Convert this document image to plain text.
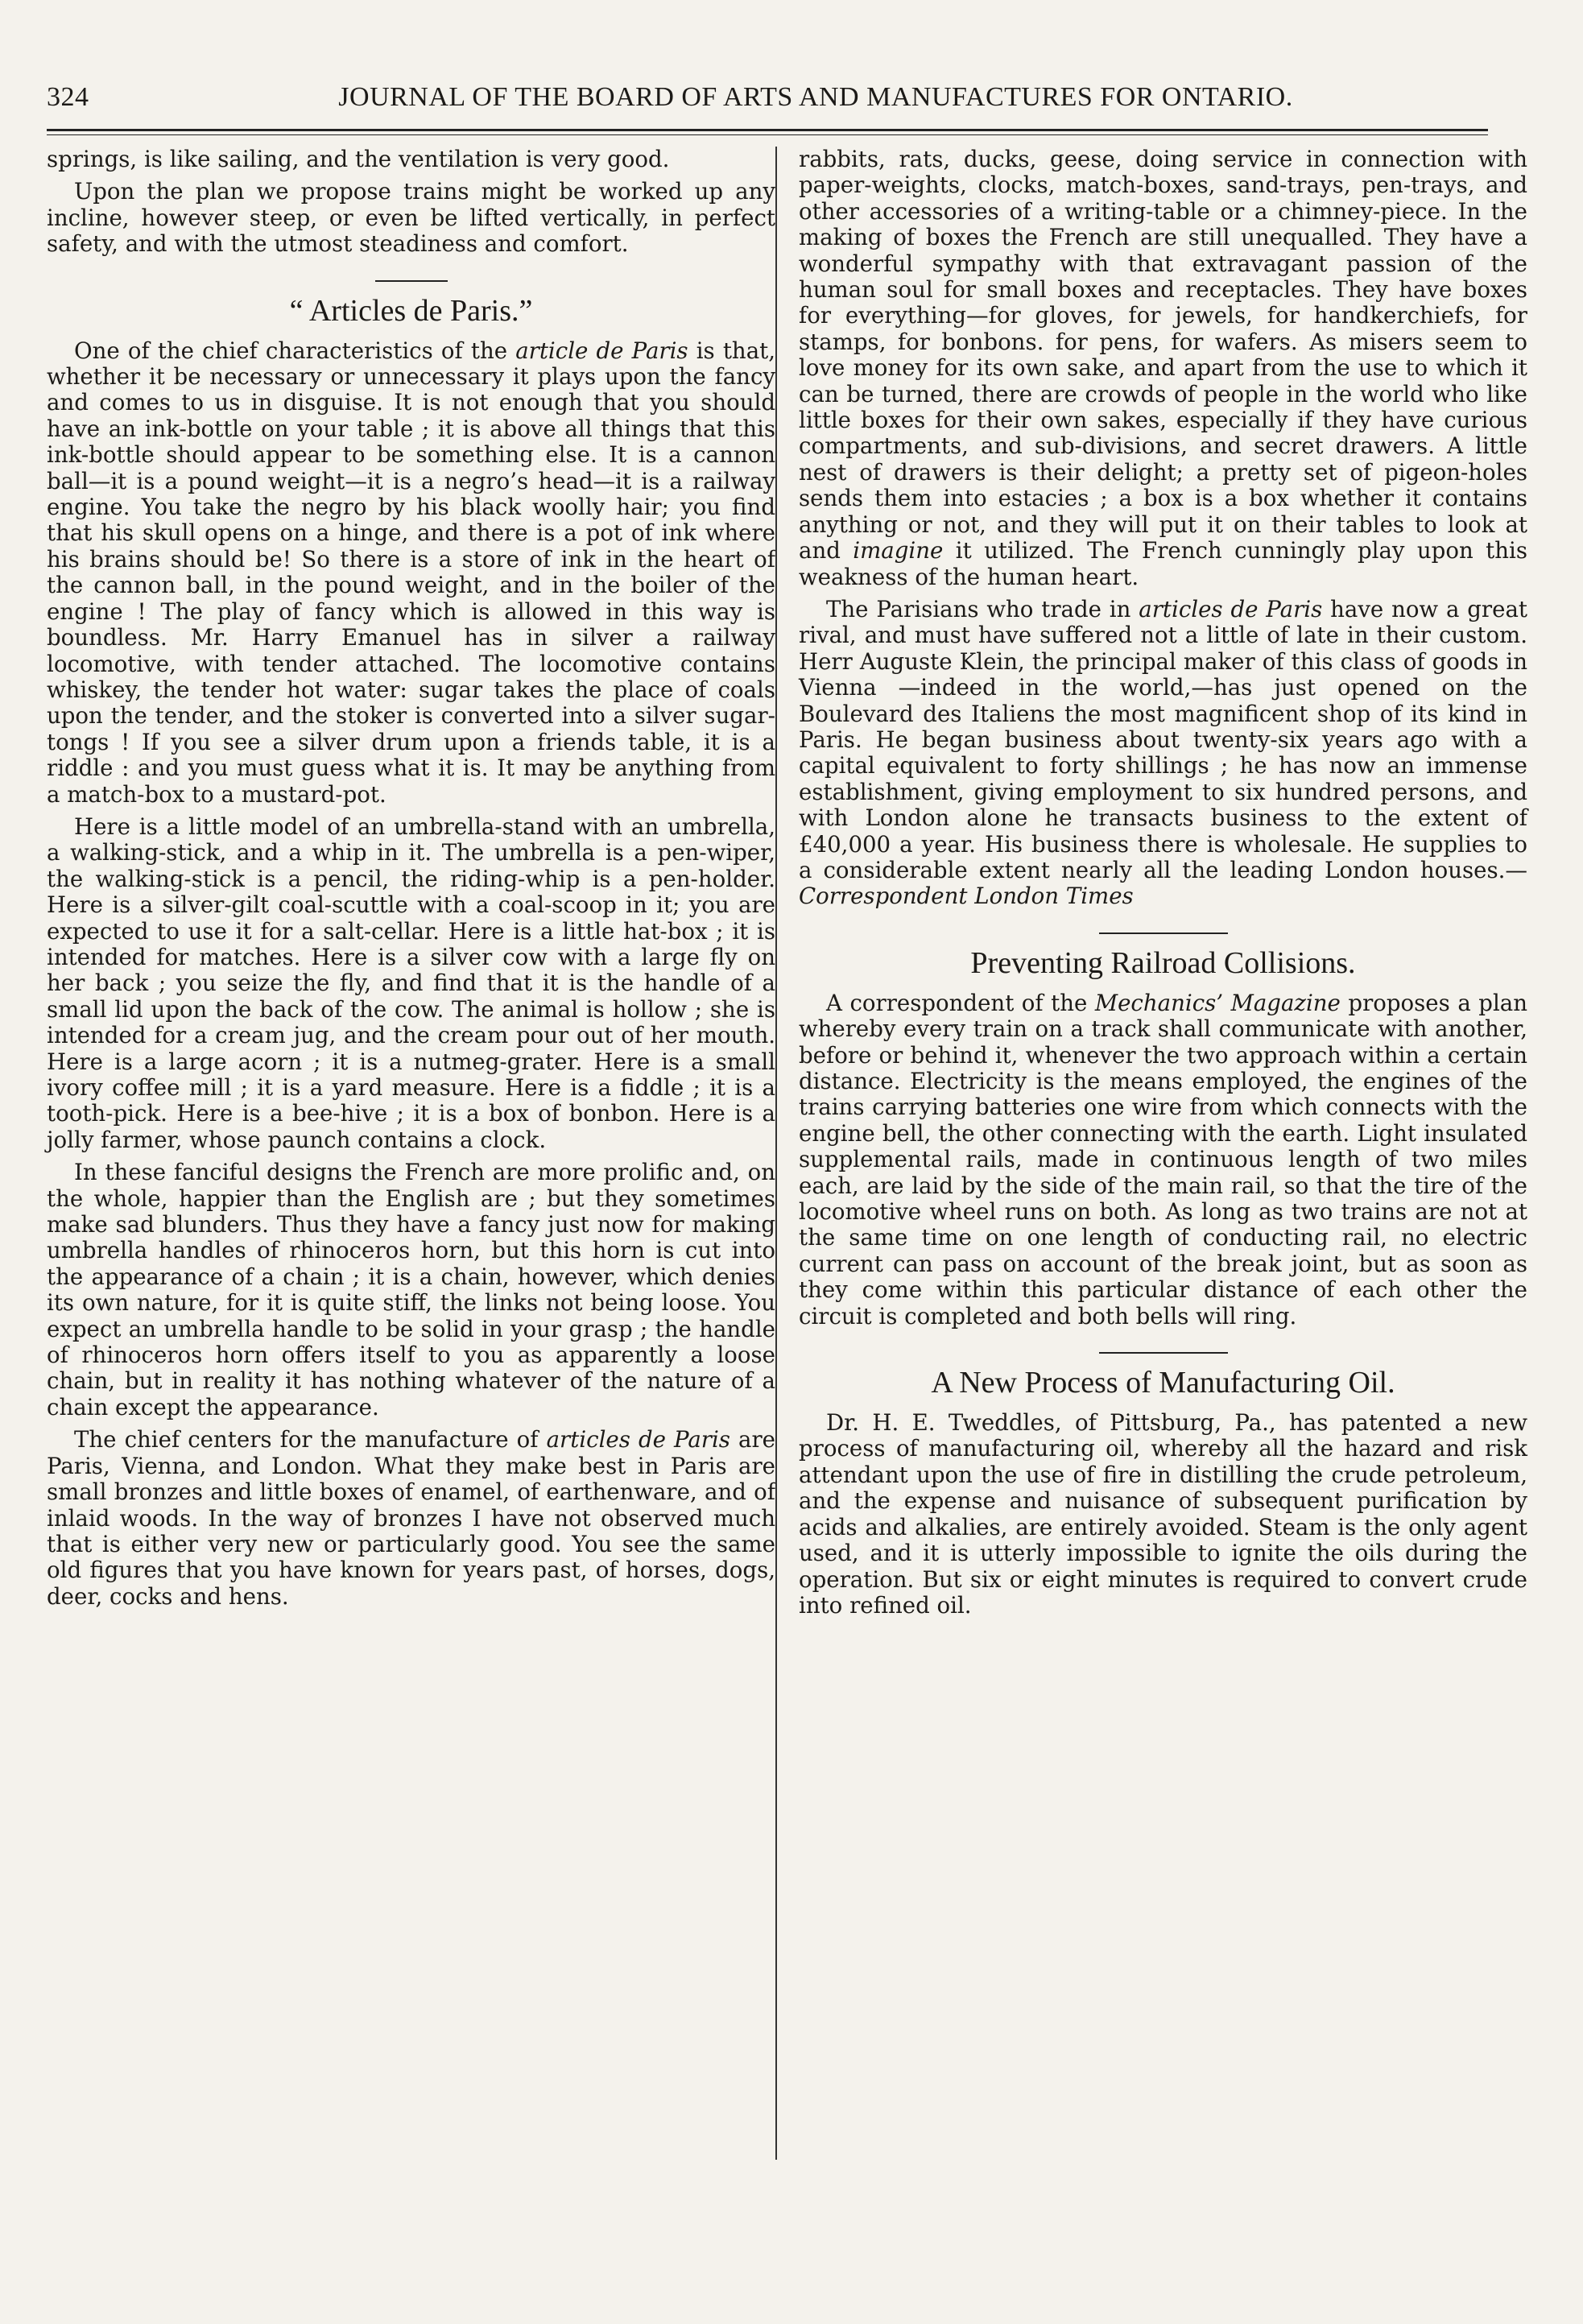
324	JOURNAL OF THE BOARD OF ARTS AND MANUFACTURES FOR ONTARIO.

springs, is like sailing, and the ventilation is very good.

Upon the plan we propose trains might be worked up any incline, however steep, or even be lifted vertically, in perfect safety, and with the utmost steadiness and comfort.

“ Articles de Paris.”

One of the chief characteristics of the article de Paris is that, whether it be necessary or unnecessary it plays upon the fancy and comes to us in disguise. It is not enough that you should have an ink-bottle on your table ; it is above all things that this ink-bottle should appear to be something else. It is a cannon ball—it is a pound weight—it is a negro’s head—it is a railway engine. You take the negro by his black woolly hair; you find that his skull opens on a hinge, and there is a pot of ink where his brains should be! So there is a store of ink in the heart of the cannon ball, in the pound weight, and in the boiler of the engine ! The play of fancy which is allowed in this way is boundless. Mr. Harry Emanuel has in silver a railway locomotive, with tender attached. The locomotive contains whiskey, the tender hot water: sugar takes the place of coals upon the tender, and the stoker is converted into a silver sugar-tongs ! If you see a silver drum upon a friends table, it is a riddle : and you must guess what it is. It may be anything from a match-box to a mustard-pot.

Here is a little model of an umbrella-stand with an umbrella, a walking-stick, and a whip in it. The umbrella is a pen-wiper, the walking-stick is a pencil, the riding-whip is a pen-holder. Here is a silver-gilt coal-scuttle with a coal-scoop in it; you are expected to use it for a salt-cellar. Here is a little hat-box ; it is intended for matches. Here is a silver cow with a large fly on her back ; you seize the fly, and find that it is the handle of a small lid upon the back of the cow. The animal is hollow ; she is intended for a cream jug, and the cream pour out of her mouth. Here is a large acorn ; it is a nutmeg-grater. Here is a small ivory coffee mill ; it is a yard measure. Here is a fiddle ; it is a tooth-pick. Here is a bee-hive ; it is a box of bonbon. Here is a jolly farmer, whose paunch contains a clock.

In these fanciful designs the French are more prolific and, on the whole, happier than the English are ; but they sometimes make sad blunders. Thus they have a fancy just now for making umbrella handles of rhinoceros horn, but this horn is cut into the appearance of a chain ; it is a chain, however, which denies its own nature, for it is quite stiff, the links not being loose. You expect an umbrella handle to be solid in your grasp ; the handle of rhinoceros horn offers itself to you as apparently a loose chain, but in reality it has nothing whatever of the nature of a chain except the appearance.

The chief centers for the manufacture of articles de Paris are Paris, Vienna, and London. What they make best in Paris are small bronzes and little boxes of enamel, of earthenware, and of inlaid woods. In the way of bronzes I have not observed much that is either very new or particularly good. You see the same old figures that you have known for years past, of horses, dogs, deer, cocks and hens.

rabbits, rats, ducks, geese, doing service in connection with paper-weights, clocks, match-boxes, sand-trays, pen-trays, and other accessories of a writing-table or a chimney-piece. In the making of boxes the French are still unequalled. They have a wonderful sympathy with that extravagant passion of the human soul for small boxes and receptacles. They have boxes for everything—for gloves, for jewels, for handkerchiefs, for stamps, for bonbons. for pens, for wafers. As misers seem to love money for its own sake, and apart from the use to which it can be turned, there are crowds of people in the world who like little boxes for their own sakes, especially if they have curious compartments, and sub-divisions, and secret drawers. A little nest of drawers is their delight; a pretty set of pigeon-holes sends them into estacies ; a box is a box whether it contains anything or not, and they will put it on their tables to look at and imagine it utilized. The French cunningly play upon this weakness of the human heart.

The Parisians who trade in articles de Paris have now a great rival, and must have suffered not a little of late in their custom. Herr Auguste Klein, the principal maker of this class of goods in Vienna —indeed in the world,—has just opened on the Boulevard des Italiens the most magnificent shop of its kind in Paris. He began business about twenty-six years ago with a capital equivalent to forty shillings ; he has now an immense establishment, giving employment to six hundred persons, and with London alone he transacts business to the extent of £40,000 a year. His business there is wholesale. He supplies to a considerable extent nearly all the leading London houses.—Correspondent London Times

Preventing Railroad Collisions.

A correspondent of the Mechanics’ Magazine proposes a plan whereby every train on a track shall communicate with another, before or behind it, whenever the two approach within a certain distance. Electricity is the means employed, the engines of the trains carrying batteries one wire from which connects with the engine bell, the other connecting with the earth. Light insulated supplemental rails, made in continuous length of two miles each, are laid by the side of the main rail, so that the tire of the locomotive wheel runs on both. As long as two trains are not at the same time on one length of conducting rail, no electric current can pass on account of the break joint, but as soon as they come within this particular distance of each other the circuit is completed and both bells will ring.

A New Process of Manufacturing Oil.

Dr. H. E. Tweddles, of Pittsburg, Pa., has patented a new process of manufacturing oil, whereby all the hazard and risk attendant upon the use of fire in distilling the crude petroleum, and the expense and nuisance of subsequent purification by acids and alkalies, are entirely avoided. Steam is the only agent used, and it is utterly impossible to ignite the oils during the operation. But six or eight minutes is required to convert crude into refined oil.
